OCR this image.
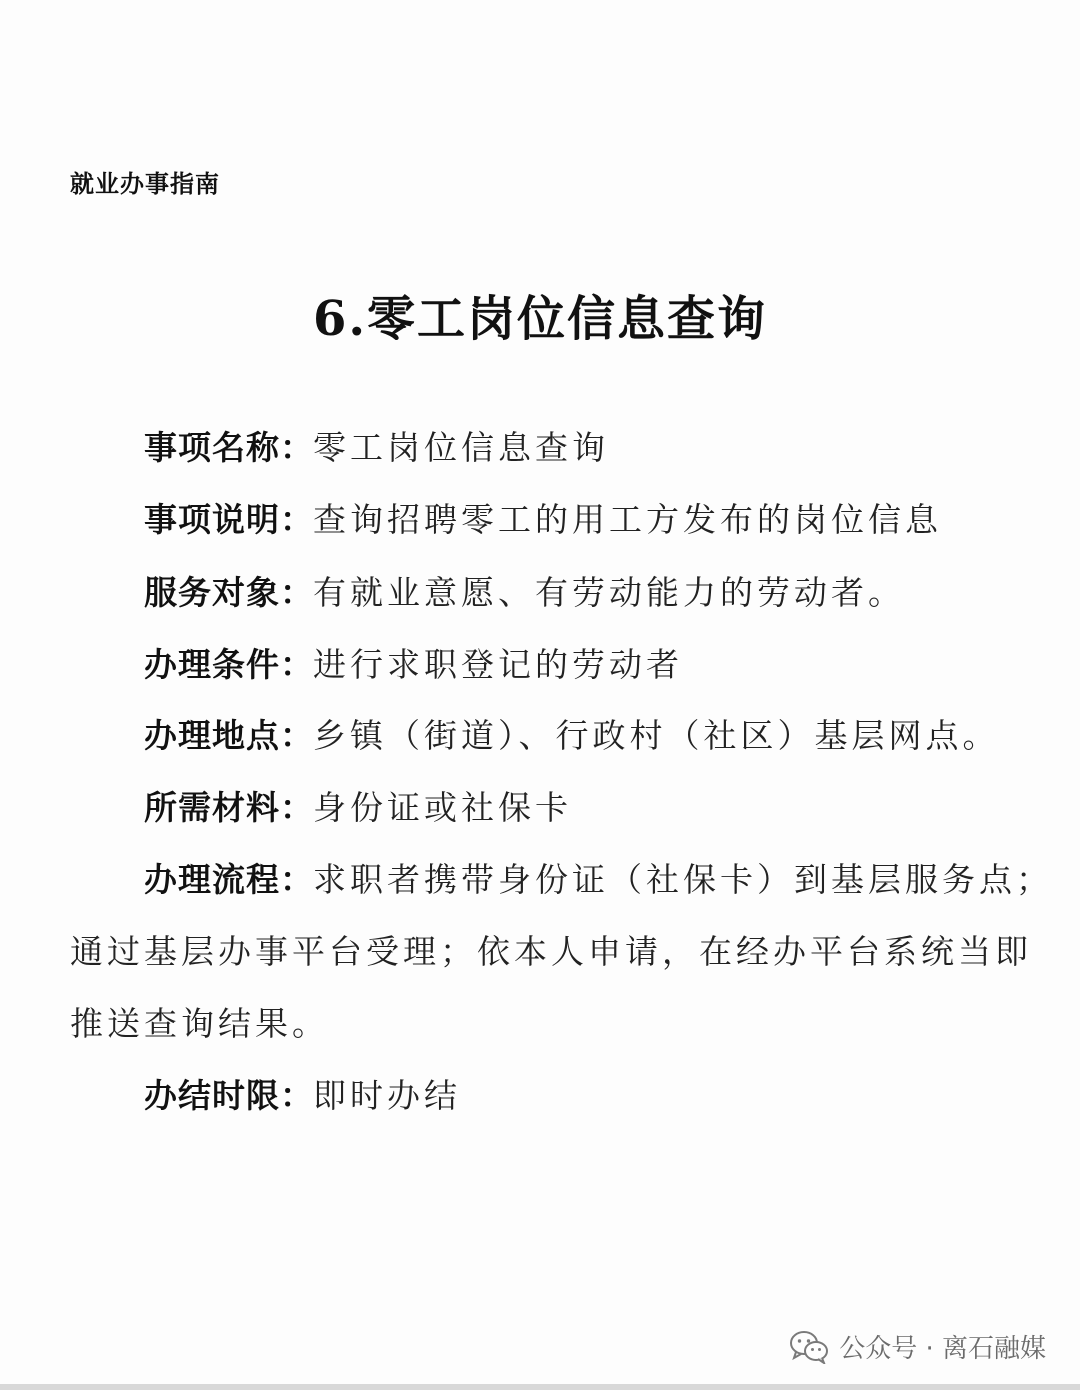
就业办事指南
6.零工岗位信息查询
事项名称：零工岗位信息查询
事项说明：查询招聘零工的用工方发布的岗位信息
服务对象：有就业意愿、有劳动能力的劳动者。
办理条件：进行求职登记的劳动者
办理地点：乡镇（街道）、行政村（社区）基层网点。
所需材料：身份证或社保卡
办理流程：求职者携带身份证（社保卡）到基层服务点；
通过基层办事平台受理；依本人申请，在经办平台系统当即
推送查询结果。
办结时限：即时办结
公众号 · 离石融媒
